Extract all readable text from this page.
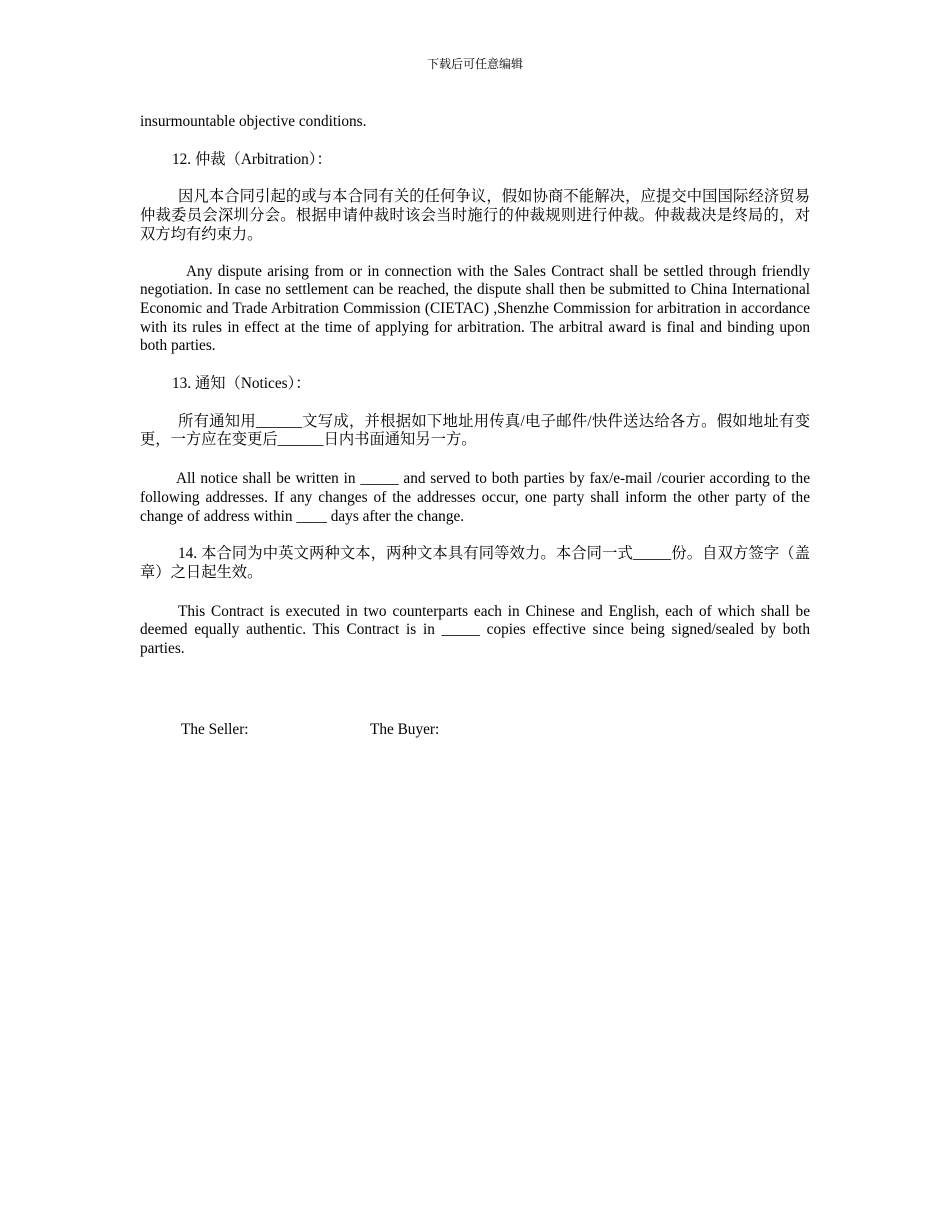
下载后可任意编辑

insurmountable objective conditions.

12. 仲裁（Arbitration）：

因凡本合同引起的或与本合同有关的任何争议，假如协商不能解决，应提交中国国际经济贸易仲裁委员会深圳分会。根据申请仲裁时该会当时施行的仲裁规则进行仲裁。仲裁裁决是终局的，对双方均有约束力。

Any dispute arising from or in connection with the Sales Contract shall be settled through friendly negotiation. In case no settlement can be reached, the dispute shall then be submitted to China International Economic and Trade Arbitration Commission (CIETAC) ,Shenzhe Commission for arbitration in accordance with its rules in effect at the time of applying for arbitration. The arbitral award is final and binding upon both parties.

13. 通知（Notices）：

所有通知用______文写成，并根据如下地址用传真/电子邮件/快件送达给各方。假如地址有变更，一方应在变更后______日内书面通知另一方。

All notice shall be written in _____ and served to both parties by fax/e-mail /courier according to the following addresses. If any changes of the addresses occur, one party shall inform the other party of the change of address within ____ days after the change.

14. 本合同为中英文两种文本，两种文本具有同等效力。本合同一式_____份。自双方签字（盖章）之日起生效。

This Contract is executed in two counterparts each in Chinese and English, each of which shall be deemed equally authentic. This Contract is in _____ copies effective since being signed/sealed by both parties.

The Seller:	The Buyer:
